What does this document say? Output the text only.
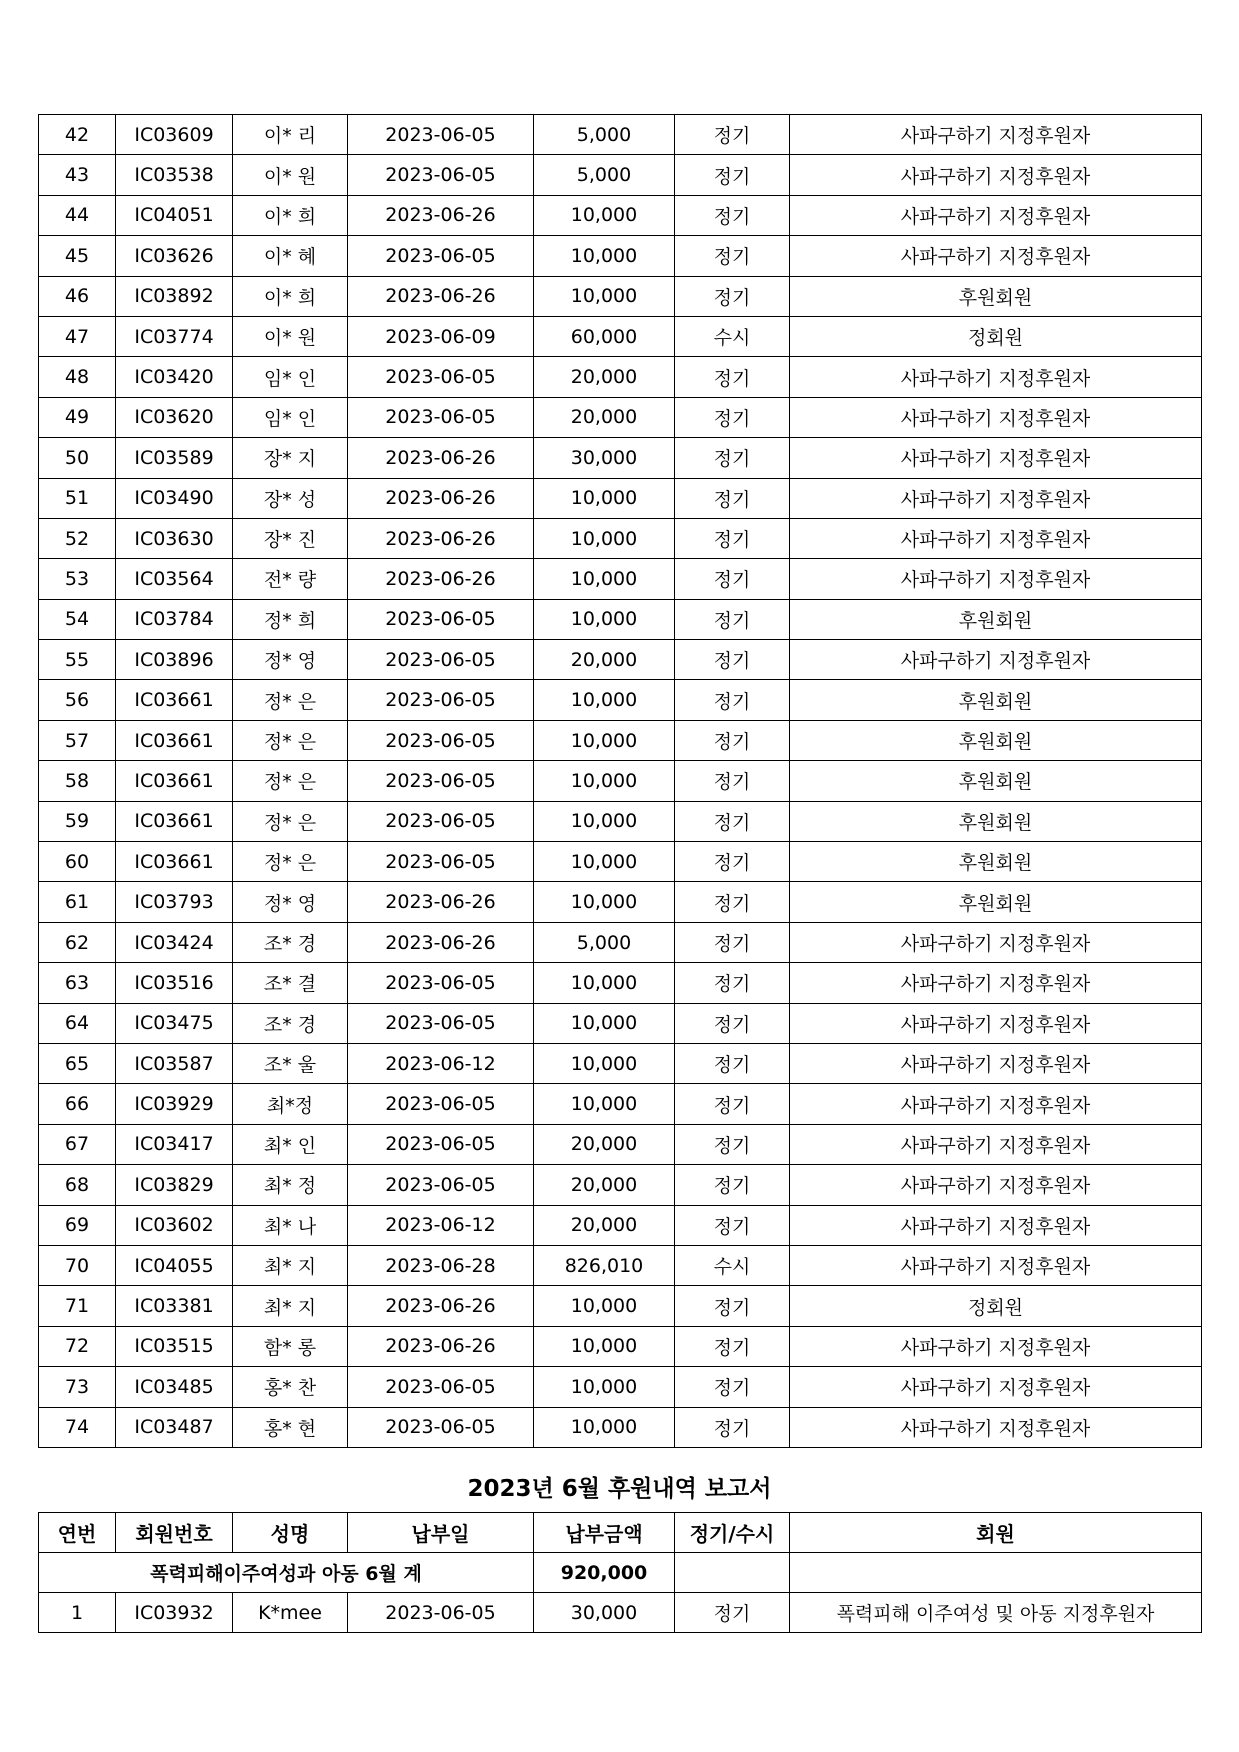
42	IC03609	이* 리	2023-06-05	5,000	정기	사파구하기 지정후원자
43	IC03538	이* 원	2023-06-05	5,000	정기	사파구하기 지정후원자
44	IC04051	이* 희	2023-06-26	10,000	정기	사파구하기 지정후원자
45	IC03626	이* 혜	2023-06-05	10,000	정기	사파구하기 지정후원자
46	IC03892	이* 희	2023-06-26	10,000	정기	후원회원
47	IC03774	이* 원	2023-06-09	60,000	수시	정회원
48	IC03420	임* 인	2023-06-05	20,000	정기	사파구하기 지정후원자
49	IC03620	임* 인	2023-06-05	20,000	정기	사파구하기 지정후원자
50	IC03589	장* 지	2023-06-26	30,000	정기	사파구하기 지정후원자
51	IC03490	장* 성	2023-06-26	10,000	정기	사파구하기 지정후원자
52	IC03630	장* 진	2023-06-26	10,000	정기	사파구하기 지정후원자
53	IC03564	전* 량	2023-06-26	10,000	정기	사파구하기 지정후원자
54	IC03784	정* 희	2023-06-05	10,000	정기	후원회원
55	IC03896	정* 영	2023-06-05	20,000	정기	사파구하기 지정후원자
56	IC03661	정* 은	2023-06-05	10,000	정기	후원회원
57	IC03661	정* 은	2023-06-05	10,000	정기	후원회원
58	IC03661	정* 은	2023-06-05	10,000	정기	후원회원
59	IC03661	정* 은	2023-06-05	10,000	정기	후원회원
60	IC03661	정* 은	2023-06-05	10,000	정기	후원회원
61	IC03793	정* 영	2023-06-26	10,000	정기	후원회원
62	IC03424	조* 경	2023-06-26	5,000	정기	사파구하기 지정후원자
63	IC03516	조* 결	2023-06-05	10,000	정기	사파구하기 지정후원자
64	IC03475	조* 경	2023-06-05	10,000	정기	사파구하기 지정후원자
65	IC03587	조* 울	2023-06-12	10,000	정기	사파구하기 지정후원자
66	IC03929	최*정	2023-06-05	10,000	정기	사파구하기 지정후원자
67	IC03417	최* 인	2023-06-05	20,000	정기	사파구하기 지정후원자
68	IC03829	최* 정	2023-06-05	20,000	정기	사파구하기 지정후원자
69	IC03602	최* 나	2023-06-12	20,000	정기	사파구하기 지정후원자
70	IC04055	최* 지	2023-06-28	826,010	수시	사파구하기 지정후원자
71	IC03381	최* 지	2023-06-26	10,000	정기	정회원
72	IC03515	함* 롱	2023-06-26	10,000	정기	사파구하기 지정후원자
73	IC03485	홍* 찬	2023-06-05	10,000	정기	사파구하기 지정후원자
74	IC03487	홍* 현	2023-06-05	10,000	정기	사파구하기 지정후원자
2023년 6월 후원내역 보고서
연번	회원번호	성명	납부일	납부금액	정기/수시	회원
폭력피해이주여성과 아동 6월 계				920,000		
1	IC03932	K*mee	2023-06-05	30,000	정기	폭력피해 이주여성 및 아동 지정후원자
